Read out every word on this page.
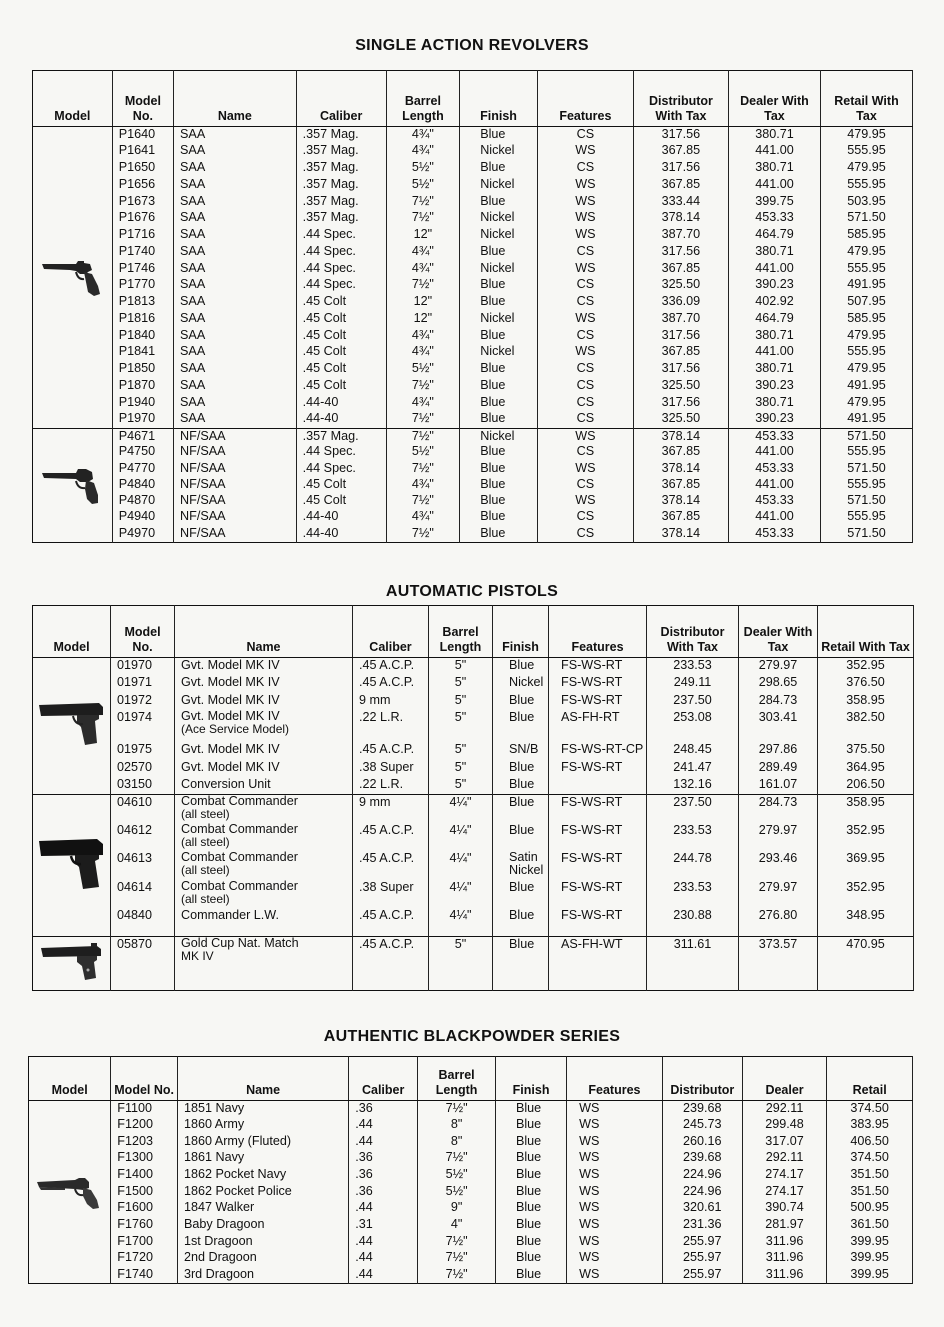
SINGLE ACTION REVOLVERS
Model	Model No.	Name	Caliber	Barrel Length	Finish	Features	Distributor With Tax	Dealer With Tax	Retail With Tax

	P1640	SAA	.357 Mag.	4¾"	Blue	CS	317.56	380.71	479.95
	P1641	SAA	.357 Mag.	4¾"	Nickel	WS	367.85	441.00	555.95
	P1650	SAA	.357 Mag.	5½"	Blue	CS	317.56	380.71	479.95
	P1656	SAA	.357 Mag.	5½"	Nickel	WS	367.85	441.00	555.95
	P1673	SAA	.357 Mag.	7½"	Blue	WS	333.44	399.75	503.95
	P1676	SAA	.357 Mag.	7½"	Nickel	WS	378.14	453.33	571.50
	P1716	SAA	.44 Spec.	12"	Nickel	WS	387.70	464.79	585.95
	P1740	SAA	.44 Spec.	4¾"	Blue	CS	317.56	380.71	479.95
	P1746	SAA	.44 Spec.	4¾"	Nickel	WS	367.85	441.00	555.95
	P1770	SAA	.44 Spec.	7½"	Blue	CS	325.50	390.23	491.95
	P1813	SAA	.45 Colt	12"	Blue	CS	336.09	402.92	507.95
	P1816	SAA	.45 Colt	12"	Nickel	WS	387.70	464.79	585.95
	P1840	SAA	.45 Colt	4¾"	Blue	CS	317.56	380.71	479.95
	P1841	SAA	.45 Colt	4¾"	Nickel	WS	367.85	441.00	555.95
	P1850	SAA	.45 Colt	5½"	Blue	CS	317.56	380.71	479.95
	P1870	SAA	.45 Colt	7½"	Blue	CS	325.50	390.23	491.95
	P1940	SAA	.44-40	4¾"	Blue	CS	317.56	380.71	479.95
	P1970	SAA	.44-40	7½"	Blue	CS	325.50	390.23	491.95

	P4671	NF/SAA	.357 Mag.	7½"	Nickel	WS	378.14	453.33	571.50
	P4750	NF/SAA	.44 Spec.	5½"	Blue	CS	367.85	441.00	555.95
	P4770	NF/SAA	.44 Spec.	7½"	Blue	WS	378.14	453.33	571.50
	P4840	NF/SAA	.45 Colt	4¾"	Blue	CS	367.85	441.00	555.95
	P4870	NF/SAA	.45 Colt	7½"	Blue	WS	378.14	453.33	571.50
	P4940	NF/SAA	.44-40	4¾"	Blue	CS	367.85	441.00	555.95
	P4970	NF/SAA	.44-40	7½"	Blue	CS	378.14	453.33	571.50
AUTOMATIC PISTOLS
Model	Model No.	Name	Caliber	Barrel Length	Finish	Features	Distributor With Tax	Dealer With Tax	Retail With Tax

	01970	Gvt. Model MK IV	.45 A.C.P.	5"	Blue	FS-WS-RT	233.53	279.97	352.95
	01971	Gvt. Model MK IV	.45 A.C.P.	5"	Nickel	FS-WS-RT	249.11	298.65	376.50
	01972	Gvt. Model MK IV	9 mm	5"	Blue	FS-WS-RT	237.50	284.73	358.95
	01974	Gvt. Model MK IV
(Ace Service Model)	.22 L.R.	5"	Blue	AS-FH-RT	253.08	303.41	382.50
	01975	Gvt. Model MK IV	.45 A.C.P.	5"	SN/B	FS-WS-RT-CP	248.45	297.86	375.50
	02570	Gvt. Model MK IV	.38 Super	5"	Blue	FS-WS-RT	241.47	289.49	364.95
	03150	Conversion Unit	.22 L.R.	5"	Blue		132.16	161.07	206.50

	04610	Combat Commander
(all steel)	9 mm	4¼"	Blue	FS-WS-RT	237.50	284.73	358.95
	04612	Combat Commander
(all steel)	.45 A.C.P.	4¼"	Blue	FS-WS-RT	233.53	279.97	352.95
	04613	Combat Commander
(all steel)	.45 A.C.P.	4¼"	Satin
Nickel	FS-WS-RT	244.78	293.46	369.95
	04614	Combat Commander
(all steel)	.38 Super	4¼"	Blue	FS-WS-RT	233.53	279.97	352.95
	04840	Commander L.W.	.45 A.C.P.	4¼"	Blue	FS-WS-RT	230.88	276.80	348.95

	05870	Gold Cup Nat. Match
MK IV	.45 A.C.P.	5"	Blue	AS-FH-WT	311.61	373.57	470.95
AUTHENTIC BLACKPOWDER SERIES
Model	Model No.	Name	Caliber	Barrel Length	Finish	Features	Distributor	Dealer	Retail

	F1100	1851 Navy	.36	7½"	Blue	WS	239.68	292.11	374.50
	F1200	1860 Army	.44	8"	Blue	WS	245.73	299.48	383.95
	F1203	1860 Army (Fluted)	.44	8"	Blue	WS	260.16	317.07	406.50
	F1300	1861 Navy	.36	7½"	Blue	WS	239.68	292.11	374.50
	F1400	1862 Pocket Navy	.36	5½"	Blue	WS	224.96	274.17	351.50
	F1500	1862 Pocket Police	.36	5½"	Blue	WS	224.96	274.17	351.50
	F1600	1847 Walker	.44	9"	Blue	WS	320.61	390.74	500.95
	F1760	Baby Dragoon	.31	4"	Blue	WS	231.36	281.97	361.50
	F1700	1st Dragoon	.44	7½"	Blue	WS	255.97	311.96	399.95
	F1720	2nd Dragoon	.44	7½"	Blue	WS	255.97	311.96	399.95
	F1740	3rd Dragoon	.44	7½"	Blue	WS	255.97	311.96	399.95
